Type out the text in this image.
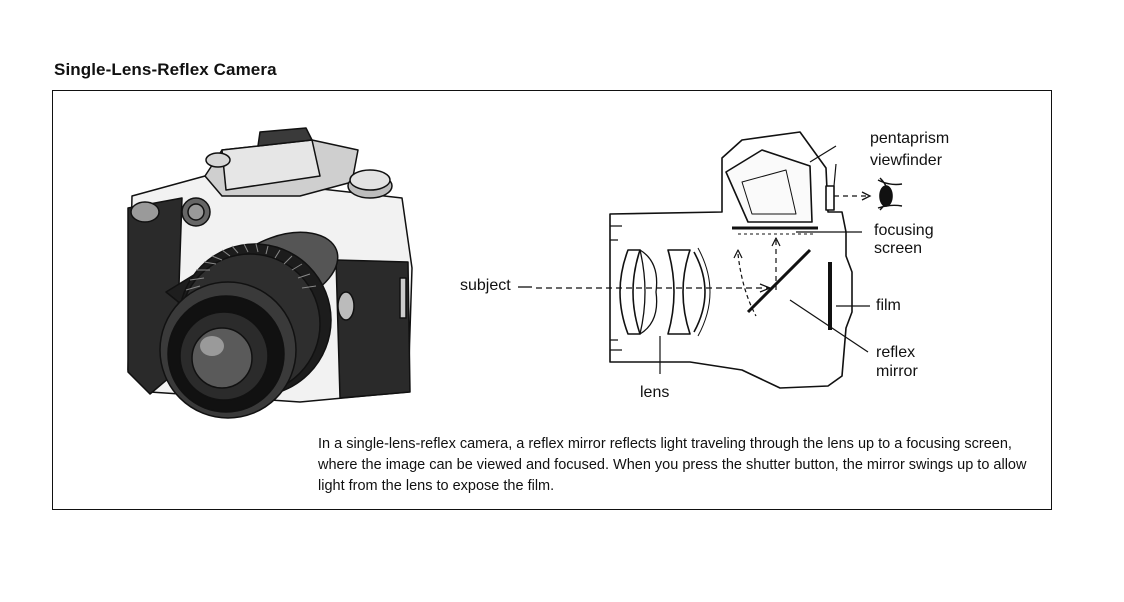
Single-Lens-Reflex Camera
pentaprism
viewfinder
focusing
screen
subject
film
reflex
mirror
lens
In a single-lens-reflex camera, a reflex mirror reflects light traveling through the lens up to a focusing screen, where the image can be viewed and focused. When you press the shutter button, the mirror swings up to allow light from the lens to expose the film.
